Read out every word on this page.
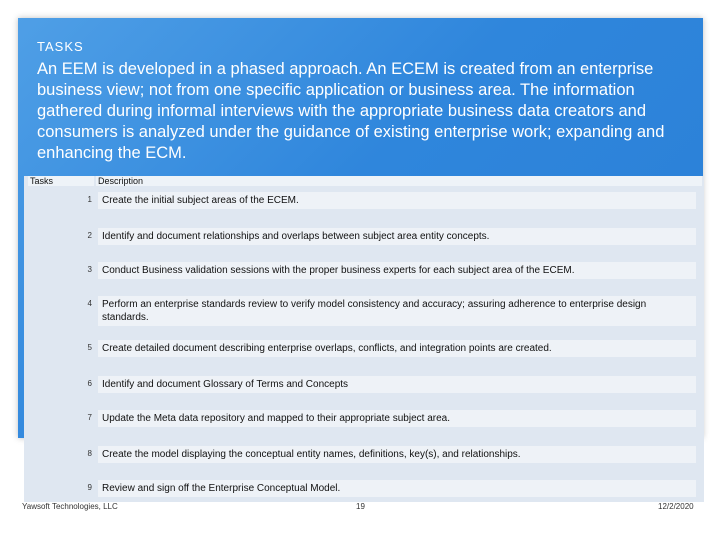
TASKS
An EEM is developed in a phased approach. An ECEM is created from an enterprise business view; not from one specific application or business area. The information gathered during informal interviews with the appropriate business data creators and consumers is analyzed under the guidance of existing enterprise work; expanding and enhancing the ECM.
Tasks	Description
1	Create the initial subject areas of the ECEM.
2	Identify and document relationships and overlaps between subject area entity concepts.
3	Conduct Business validation sessions with the proper business experts for each subject area of the ECEM.
4	Perform an enterprise standards review to verify model consistency and accuracy; assuring adherence to enterprise design standards.
5	Create detailed document describing enterprise overlaps, conflicts, and integration points are created.
6	Identify and document Glossary of Terms and Concepts
7	Update the Meta data repository and mapped to their appropriate subject area.
8	Create the model displaying the conceptual entity names, definitions, key(s), and relationships.
9	Review and sign off the Enterprise Conceptual Model.
Yawsoft Technologies, LLC	19	12/2/2020
